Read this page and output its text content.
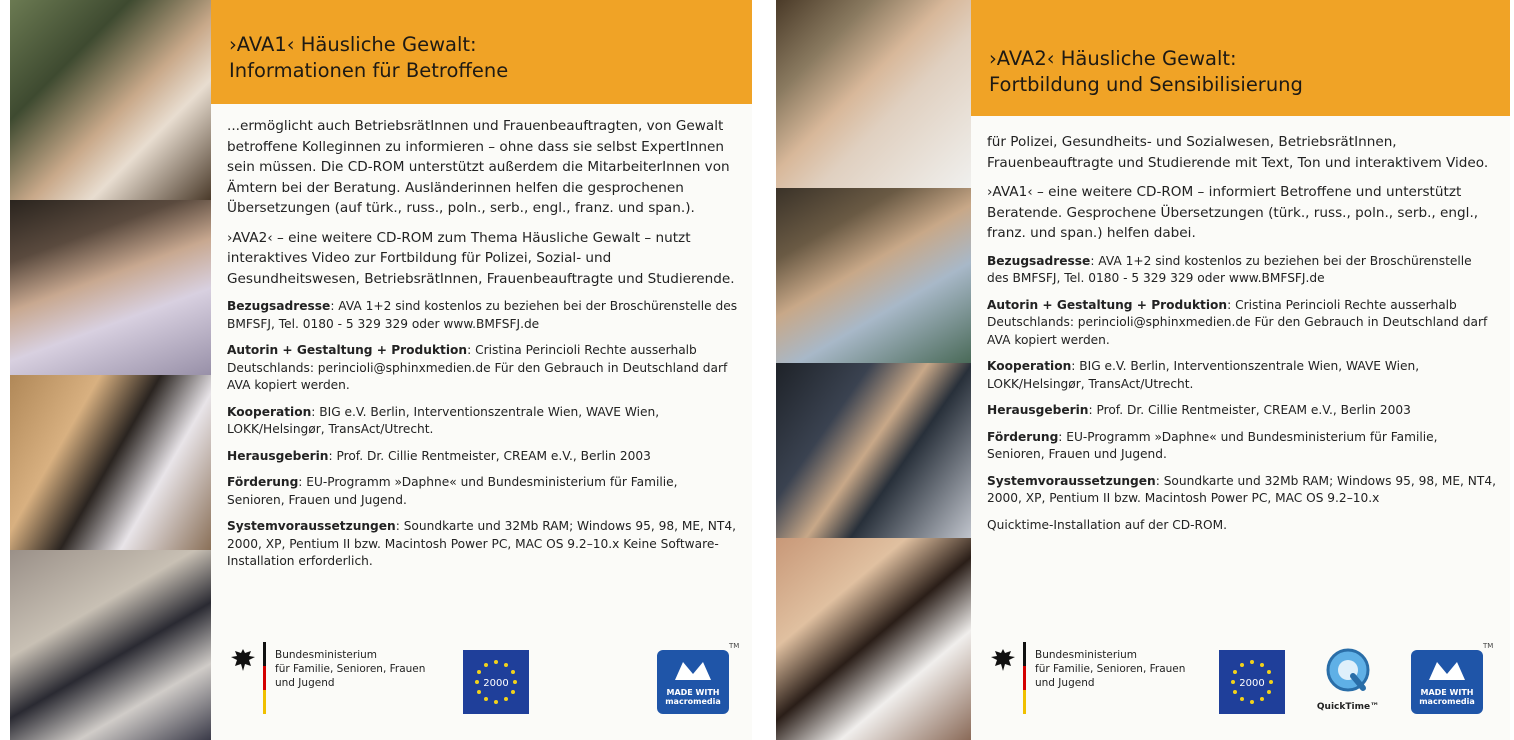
›AVA1‹ Häusliche Gewalt:
Informationen für Betroffene

...ermöglicht auch BetriebsrätInnen und Frauenbeauftragten, von Gewalt betroffene Kolleginnen zu informieren – ohne dass sie selbst ExpertInnen sein müssen. Die CD-ROM unterstützt außerdem die MitarbeiterInnen von Ämtern bei der Beratung. Ausländerinnen helfen die gesprochenen Übersetzungen (auf türk., russ., poln., serb., engl., franz. und span.).

›AVA2‹ – eine weitere CD-ROM zum Thema Häusliche Gewalt – nutzt interaktives Video zur Fortbildung für Polizei, Sozial- und Gesundheitswesen, BetriebsrätInnen, Frauenbeauftragte und Studierende.

Bezugsadresse: AVA 1+2 sind kostenlos zu beziehen bei der Broschürenstelle des BMFSFJ, Tel. 0180 - 5 329 329 oder www.BMFSFJ.de
Autorin + Gestaltung + Produktion: Cristina Perincioli Rechte ausserhalb Deutschlands: perincioli@sphinxmedien.de Für den Gebrauch in Deutschland darf AVA kopiert werden.
Kooperation: BIG e.V. Berlin, Interventionszentrale Wien, WAVE Wien, LOKK/Helsingør, TransAct/Utrecht.
Herausgeberin: Prof. Dr. Cillie Rentmeister, CREAM e.V., Berlin 2003
Förderung: EU-Programm »Daphne« und Bundesministerium für Familie, Senioren, Frauen und Jugend.
Systemvoraussetzungen: Soundkarte und 32Mb RAM; Windows 95, 98, ME, NT4, 2000, XP, Pentium II bzw. Macintosh Power PC, MAC OS 9.2–10.x Keine Software-Installation erforderlich.
Bundesministerium
für Familie, Senioren, Frauen
und Jugend	2000
MADE WITH
macromedia
TM
›AVA2‹ Häusliche Gewalt:
Fortbildung und Sensibilisierung

für Polizei, Gesundheits- und Sozialwesen, BetriebsrätInnen, Frauenbeauftragte und Studierende mit Text, Ton und interaktivem Video.

›AVA1‹ – eine weitere CD-ROM – informiert Betroffene und unterstützt Beratende. Gesprochene Übersetzungen (türk., russ., poln., serb., engl., franz. und span.) helfen dabei.

Bezugsadresse: AVA 1+2 sind kostenlos zu beziehen bei der Broschürenstelle des BMFSFJ, Tel. 0180 - 5 329 329 oder www.BMFSFJ.de
Autorin + Gestaltung + Produktion: Cristina Perincioli Rechte ausserhalb Deutschlands: perincioli@sphinxmedien.de Für den Gebrauch in Deutschland darf AVA kopiert werden.
Kooperation: BIG e.V. Berlin, Interventionszentrale Wien, WAVE Wien, LOKK/Helsingør, TransAct/Utrecht.
Herausgeberin: Prof. Dr. Cillie Rentmeister, CREAM e.V., Berlin 2003
Förderung: EU-Programm »Daphne« und Bundesministerium für Familie, Senioren, Frauen und Jugend.
Systemvoraussetzungen: Soundkarte und 32Mb RAM; Windows 95, 98, ME, NT4, 2000, XP, Pentium II bzw. Macintosh Power PC, MAC OS 9.2–10.x
Quicktime-Installation auf der CD-ROM.
Bundesministerium
für Familie, Senioren, Frauen
und Jugend	2000
QuickTime™
MADE WITH
macromedia
TM
